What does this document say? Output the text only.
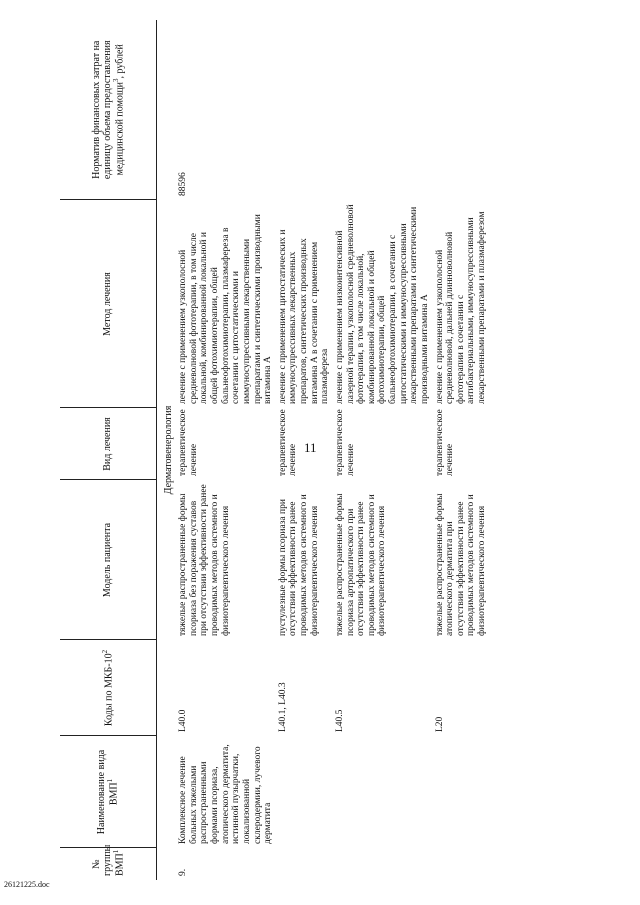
11
26121225.doc
№ группы ВМП$^1$	Наименование вида ВМП$^1$	Коды по МКБ-$10^2$	Модель пациента	Вид лечения	Метод лечения	Норматив финансовых затрат на единицу объема предоставления медицинской помощи$^3$, рублей
Дерматовенерология						
9.	Комплексное лечение больных тяжелыми распространенными формами псориаза, атопического дерматита, истинной пузырчатки, локализованной склеродермии, лучевого дерматита	L40.0	тяжелые распространенные формы псориаза без поражения суставов при отсутствии эффективности ранее проводимых методов системного и физиотерапевтического лечения	терапевтическое лечение	лечение с применением узкополосной средневолновой фототерапии, в том числе локальной, комбинированной локальной и общей фотохимиотерапии, общей бальнеофотохимиотерапии, плазмафереза в сочетании с цитостатическими и иммуносупрессивными лекарственными препаратами и синтетическими производными витамина А	88596
		L40.1, L40.3	пустулезные формы псориаза при отсутствии эффективности ранее проводимых методов системного и физиотерапевтического лечения	терапевтическое лечение	лечение с применением цитостатических и иммуносупрессивных лекарственных препаратов, синтетических производных витамина А в сочетании с применением плазмафереза	
		L40.5	тяжелые распространенные формы псориаза артропатического при отсутствии эффективности ранее проводимых методов системного и физиотерапевтического лечения	терапевтическое лечение	лечение с применением низкоинтенсивной лазерной терапии, узкополосной средневолновой фототерапии, в том числе локальной, комбинированной локальной и общей фотохимиотерапии, общей бальнеофотохимиотерапии, в сочетании с цитостатическими и иммуносупрессивными лекарственными препаратами и синтетическими производными витамина А	
		L20	тяжелые распространенные формы атопического дерматита при отсутствии эффективности ранее проводимых методов системного и физиотерапевтического лечения	терапевтическое лечение	лечение с применением узкополосной средневолновой, дальней длинноволновой фототерапии в сочетании с антибактериальными, иммуносупрессивными лекарственными препаратами и плазмаферезом	
